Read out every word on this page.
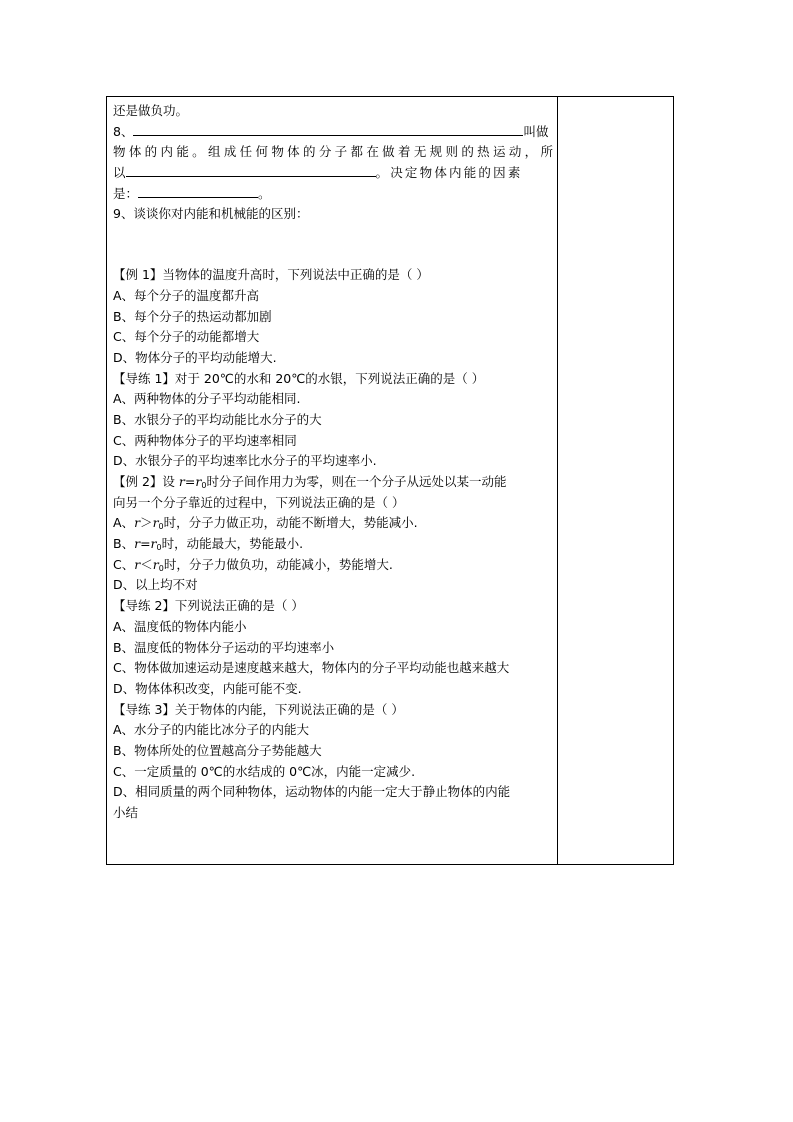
还是做负功。
8、	叫做
物体的内能。组成任何物体的分子都在做着无规则的热运动，所
以	。决定物体内能的因素
是：	。
9、谈谈你对内能和机械能的区别：
【例 1】当物体的温度升高时，下列说法中正确的是（ ）
A、每个分子的温度都升高
B、每个分子的热运动都加剧
C、每个分子的动能都增大
D、物体分子的平均动能增大.
【导练 1】对于 20℃的水和 20℃的水银，下列说法正确的是（ ）
A、两种物体的分子平均动能相同.
B、水银分子的平均动能比水分子的大
C、两种物体分子的平均速率相同
D、水银分子的平均速率比水分子的平均速率小.
【例 2】设 $r=r_0$时分子间作用力为零，则在一个分子从远处以某一动能
向另一个分子靠近的过程中，下列说法正确的是（ ）
A、$r>r_0$时，分子力做正功，动能不断增大，势能减小.
B、$r=r_0$时，动能最大，势能最小.
C、$r<r_0$时，分子力做负功，动能减小，势能增大.
D、以上均不对
【导练 2】下列说法正确的是（ ）
A、温度低的物体内能小
B、温度低的物体分子运动的平均速率小
C、物体做加速运动是速度越来越大，物体内的分子平均动能也越来越大
D、物体体积改变，内能可能不变.
【导练 3】关于物体的内能，下列说法正确的是（ ）
A、水分子的内能比冰分子的内能大
B、物体所处的位置越高分子势能越大
C、一定质量的 0℃的水结成的 0℃冰，内能一定减少.
D、相同质量的两个同种物体，运动物体的内能一定大于静止物体的内能
小结
